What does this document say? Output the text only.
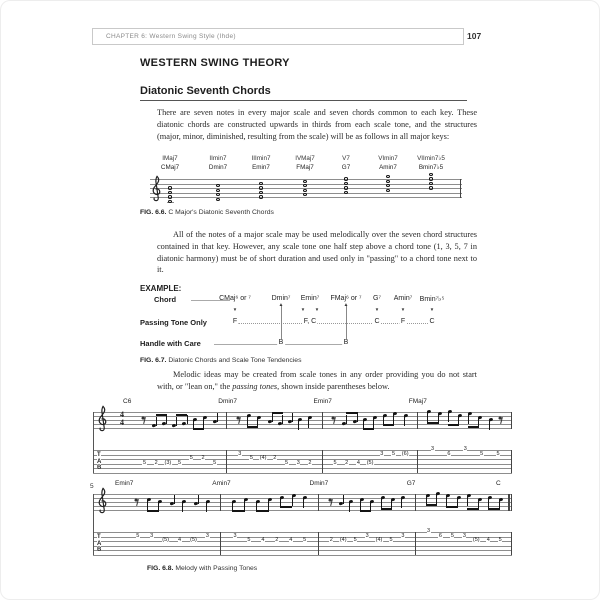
CHAPTER 6: Western Swing Style (Ihde)	107
WESTERN SWING THEORY
Diatonic Seventh Chords
There are seven notes in every major scale and seven chords common to each key. These diatonic chords are constructed upwards in thirds from each scale tone, and the structures (major, minor, diminished, resulting from the scale) will be as follows in all major keys:
IMaj7
CMaj7
IImin7
Dmin7
IIImin7
Emin7
IVMaj7
FMaj7
V7
G7
VImin7
Amin7
VIImin7♭5
Bmin7♭5
FIG. 6.6. C Major's Diatonic Seventh Chords
All of the notes of a major scale may be used melodically over the seven chord structures contained in that key. However, any scale tone one half step above a chord tone (1, 3, 5, 7 in diatonic harmony) must be of short duration and used only in "passing" to a chord tone next to it.
EXAMPLE:
Chord
Passing Tone Only
Handle with Care
CMaj⁶ or ⁷
F
▼
Dmin⁷
▲
B
Emin⁷
F, C
▼ ▼
FMaj⁶ or ⁷
▲
B
G⁷
C
▼
Amin⁷
F
▼
Bmin⁷♭⁵
C
▼
FIG. 6.7. Diatonic Chords and Scale Tone Tendencies
Melodic ideas may be created from scale tones in any order providing you do not start with, or "lean on," the passing tones, shown inside parentheses below.
4
4
T
A
B
C6
5 2 (3) 5
5 2
5
Dmin7
3
5 (4) 2
5 3 2
Emin7
5 2 4 (5)
3 5 (6)
FMaj7
3
6
3
5 5
5
T
A
B
Emin7
5 3
(5) 4 (5)
3
Amin7
3
5 4 2 4 5
Dmin7
2 (4) 5
3
(4) 5
3
G7
3
6 5 3
(5) 4 5
C
FIG. 6.8. Melody with Passing Tones
